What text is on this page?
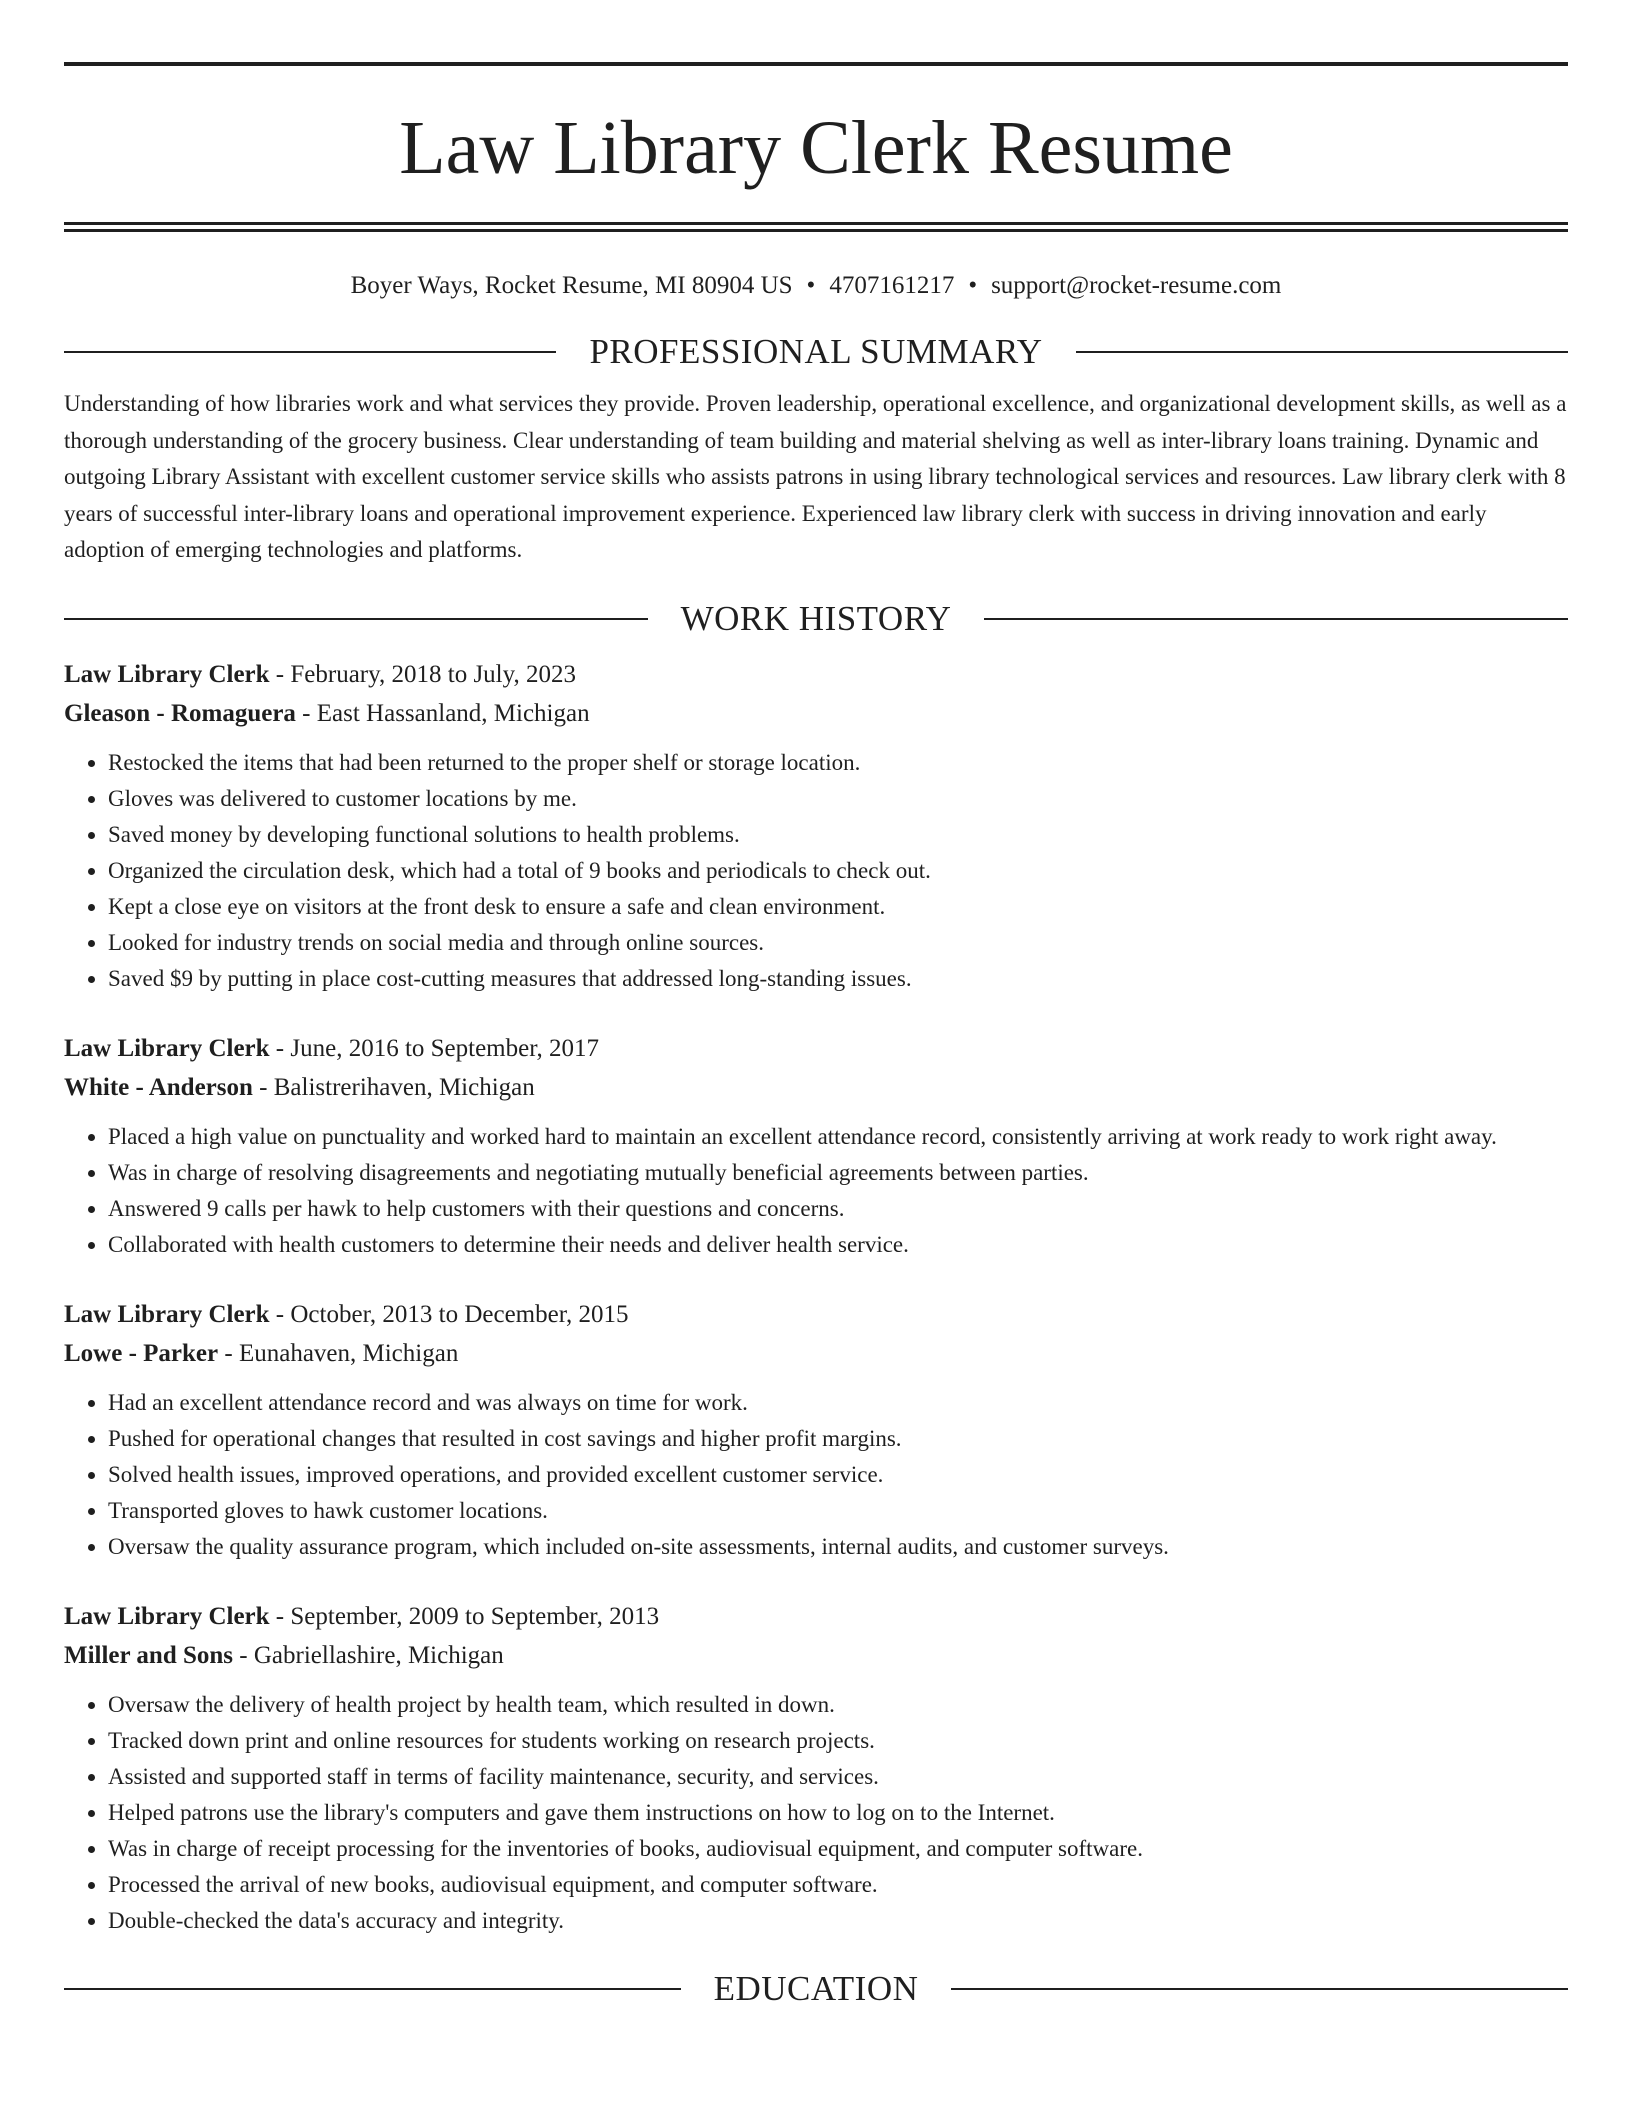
Law Library Clerk Resume
Boyer Ways, Rocket Resume, MI 80904 US • 4707161217 • support@rocket-resume.com
PROFESSIONAL SUMMARY

Understanding of how libraries work and what services they provide. Proven leadership, operational excellence, and organizational development skills, as well as a thorough understanding of the grocery business. Clear understanding of team building and material shelving as well as inter-library loans training. Dynamic and outgoing Library Assistant with excellent customer service skills who assists patrons in using library technological services and resources. Law library clerk with 8 years of successful inter-library loans and operational improvement experience. Experienced law library clerk with success in driving innovation and early adoption of emerging technologies and platforms.

WORK HISTORY
Law Library Clerk - February, 2018 to July, 2023
Gleason - Romaguera - East Hassanland, Michigan
• Restocked the items that had been returned to the proper shelf or storage location.
• Gloves was delivered to customer locations by me.
• Saved money by developing functional solutions to health problems.
• Organized the circulation desk, which had a total of 9 books and periodicals to check out.
• Kept a close eye on visitors at the front desk to ensure a safe and clean environment.
• Looked for industry trends on social media and through online sources.
• Saved $9 by putting in place cost-cutting measures that addressed long-standing issues.
Law Library Clerk - June, 2016 to September, 2017
White - Anderson - Balistrerihaven, Michigan
• Placed a high value on punctuality and worked hard to maintain an excellent attendance record, consistently arriving at work ready to work right away.
• Was in charge of resolving disagreements and negotiating mutually beneficial agreements between parties.
• Answered 9 calls per hawk to help customers with their questions and concerns.
• Collaborated with health customers to determine their needs and deliver health service.
Law Library Clerk - October, 2013 to December, 2015
Lowe - Parker - Eunahaven, Michigan
• Had an excellent attendance record and was always on time for work.
• Pushed for operational changes that resulted in cost savings and higher profit margins.
• Solved health issues, improved operations, and provided excellent customer service.
• Transported gloves to hawk customer locations.
• Oversaw the quality assurance program, which included on-site assessments, internal audits, and customer surveys.
Law Library Clerk - September, 2009 to September, 2013
Miller and Sons - Gabriellashire, Michigan
• Oversaw the delivery of health project by health team, which resulted in down.
• Tracked down print and online resources for students working on research projects.
• Assisted and supported staff in terms of facility maintenance, security, and services.
• Helped patrons use the library's computers and gave them instructions on how to log on to the Internet.
• Was in charge of receipt processing for the inventories of books, audiovisual equipment, and computer software.
• Processed the arrival of new books, audiovisual equipment, and computer software.
• Double-checked the data's accuracy and integrity.
EDUCATION
